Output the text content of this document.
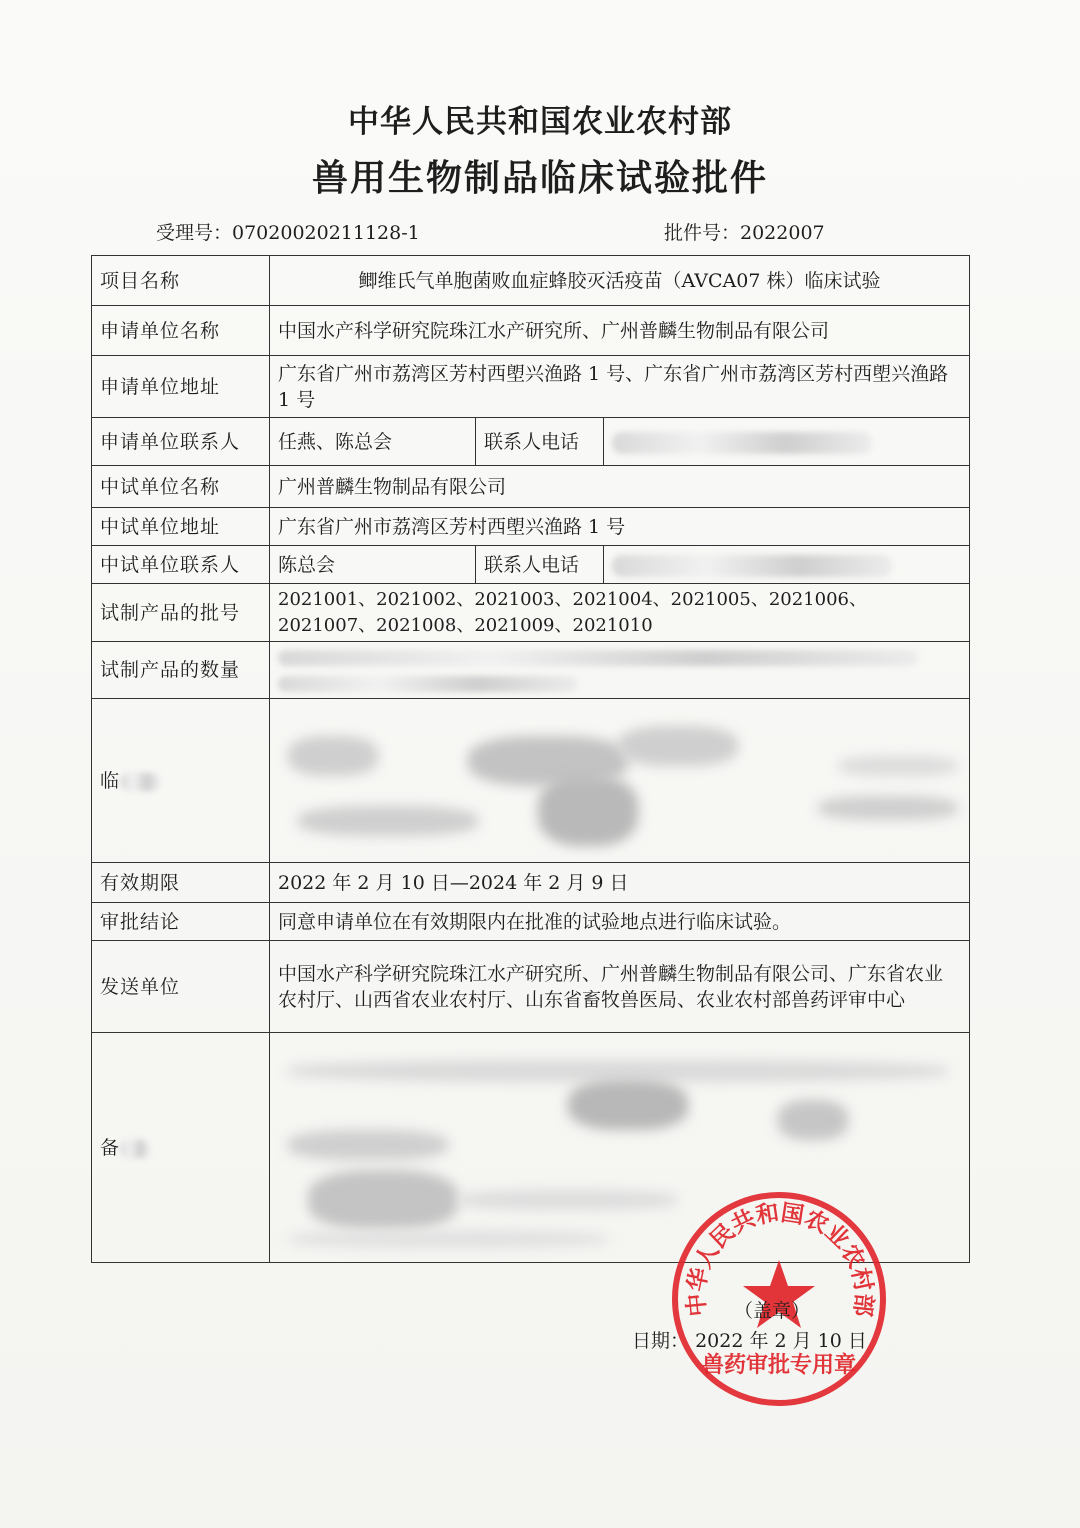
中华人民共和国农业农村部
兽用生物制品临床试验批件
受理号：07020020211128-1	批件号：2022007
项目名称	鲫维氏气单胞菌败血症蜂胶灭活疫苗（AVCA07 株）临床试验		
申请单位名称	中国水产科学研究院珠江水产研究所、广州普麟生物制品有限公司		
申请单位地址	广东省广州市荔湾区芳村西塱兴渔路 1 号、广东省广州市荔湾区芳村西塱兴渔路 1 号		
申请单位联系人	任燕、陈总会	联系人电话	
中试单位名称	广州普麟生物制品有限公司		
中试单位地址	广东省广州市荔湾区芳村西塱兴渔路 1 号		
中试单位联系人	陈总会	联系人电话	
试制产品的批号	2021001、2021002、2021003、2021004、2021005、2021006、2021007、2021008、2021009、2021010		
试制产品的数量			

临			

有效期限	2022 年 2 月 10 日—2024 年 2 月 9 日		
审批结论	同意申请单位在有效期限内在批准的试验地点进行临床试验。		
发送单位	中国水产科学研究院珠江水产研究所、广州普麟生物制品有限公司、广东省农业农村厅、山西省农业农村厅、山东省畜牧兽医局、农业农村部兽药评审中心		
备			
中华人民共和国农业农村部
兽药审批专用章
（盖章）
日期： 2022 年 2 月 10 日
